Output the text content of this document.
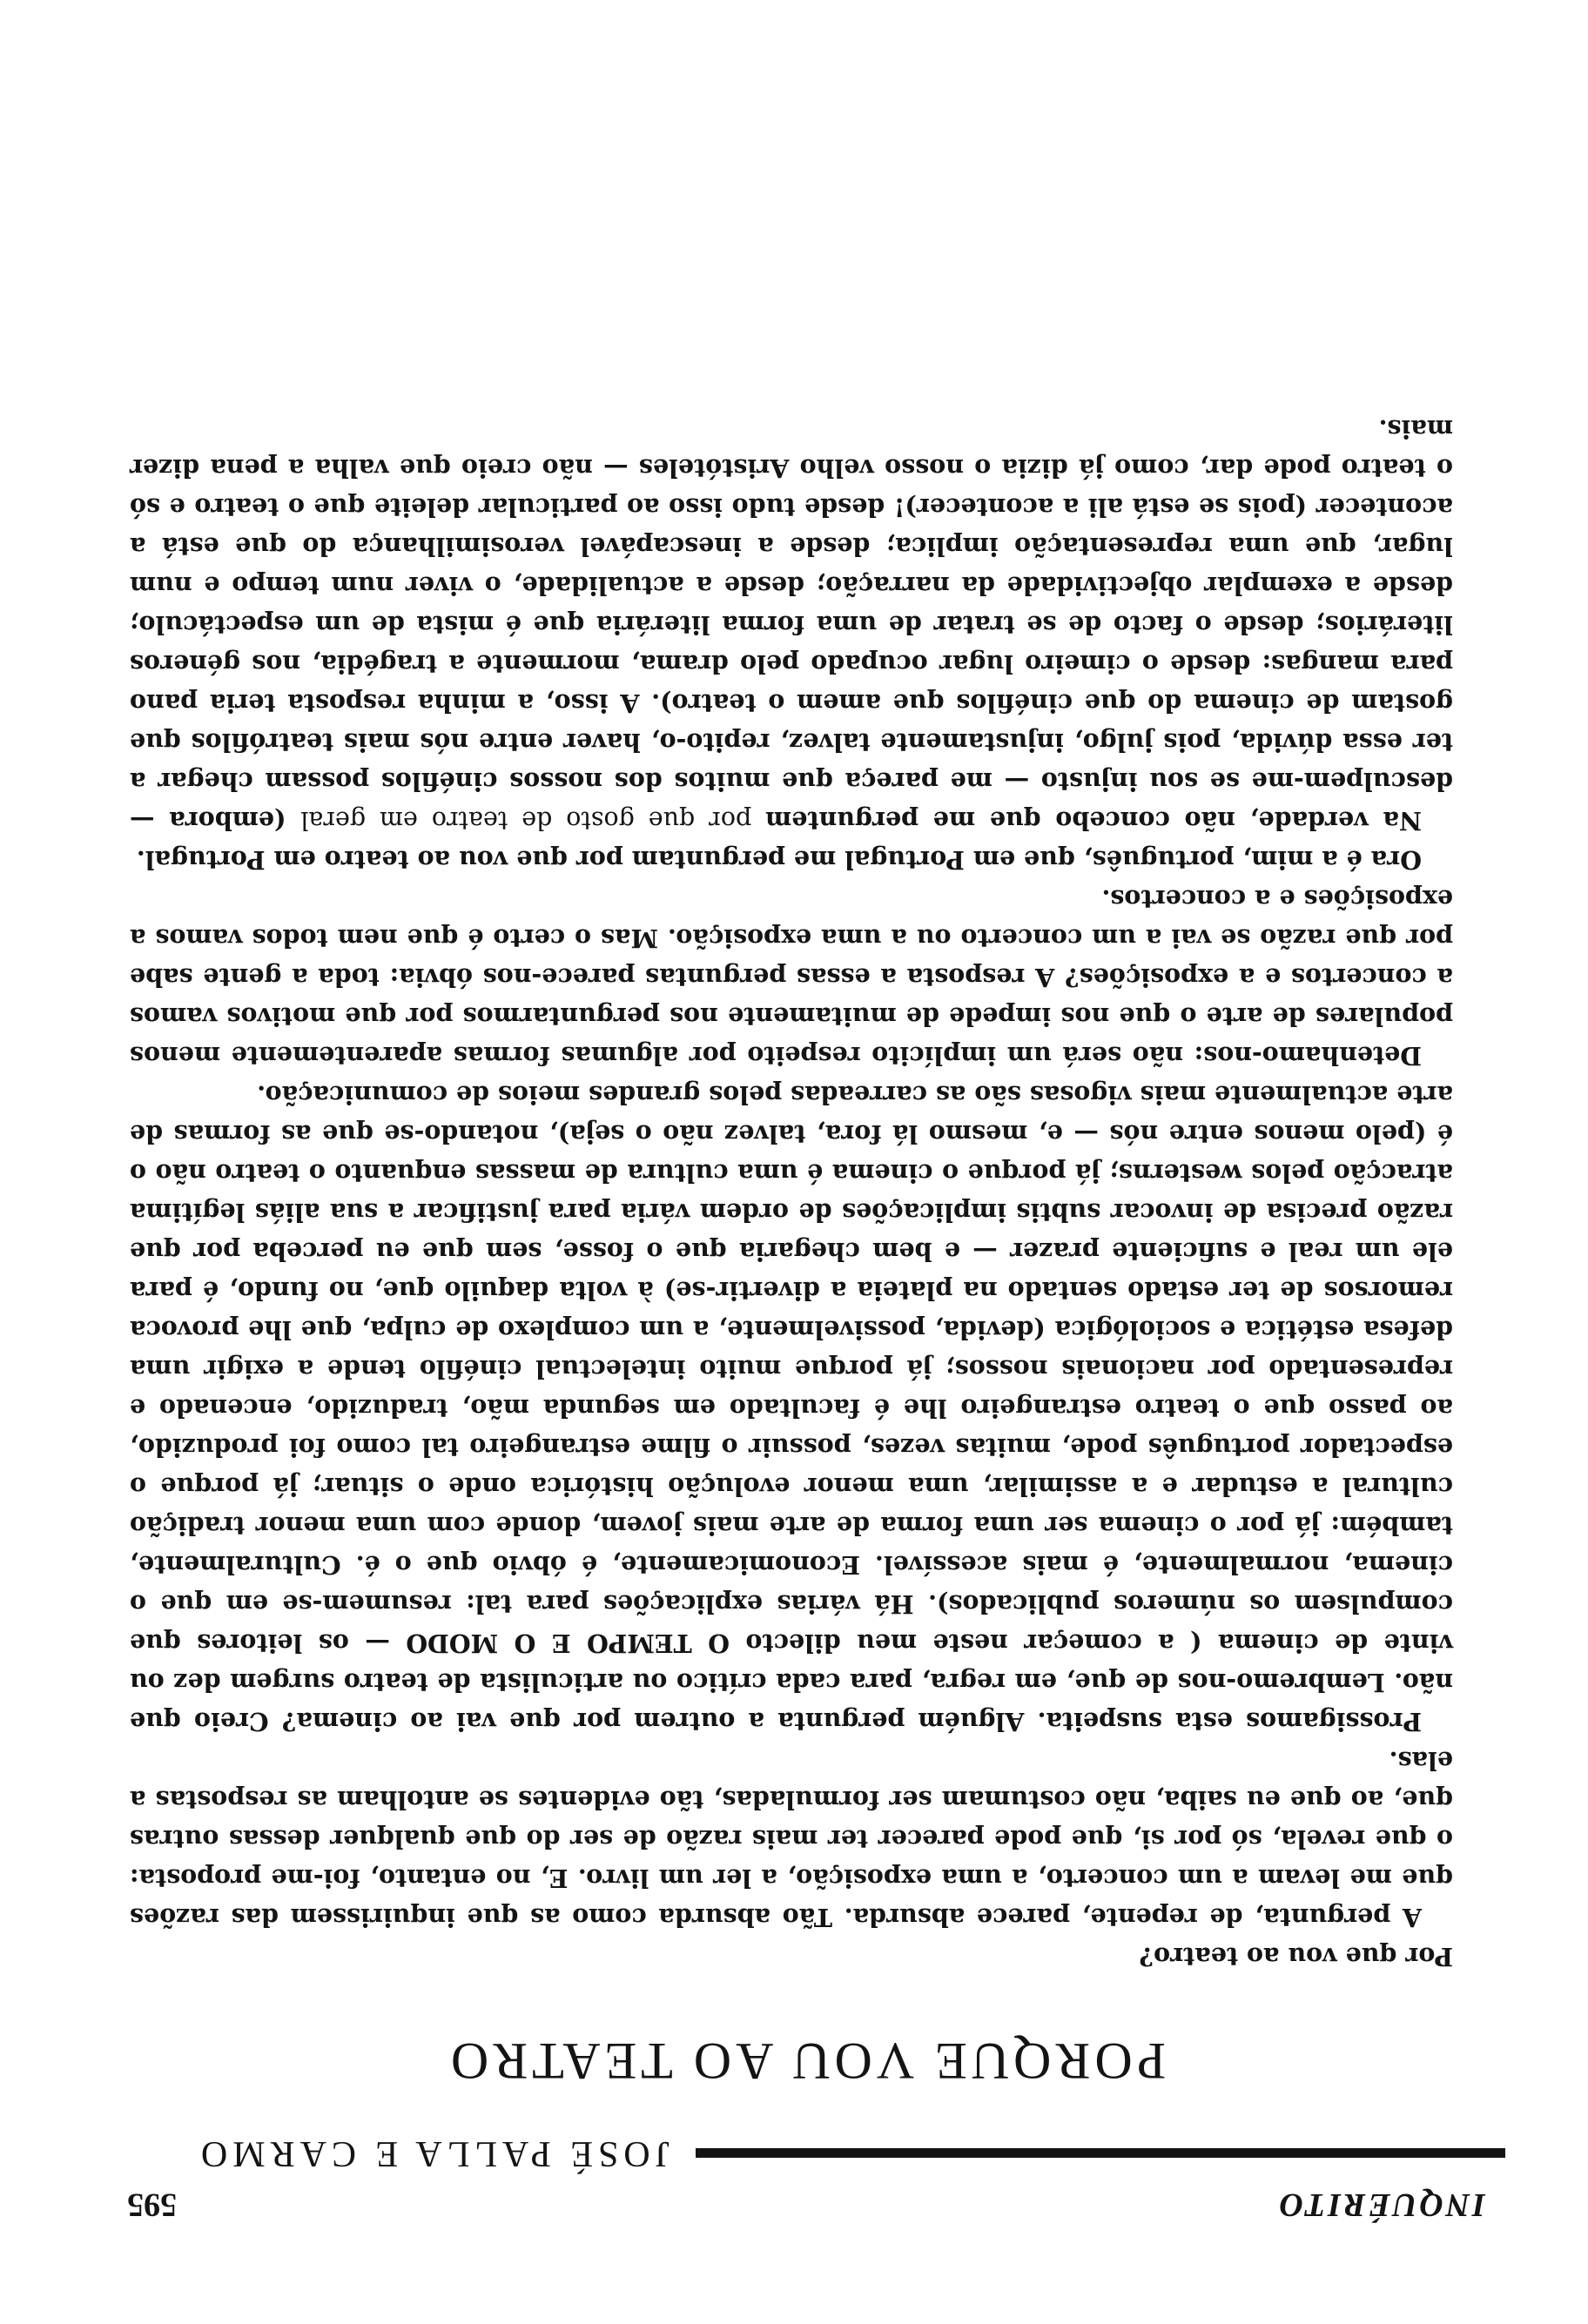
INQUÉRITO
595
JOSÉ PALLA E CARMO
PORQUE VOU AO TEATRO

Por que vou ao teatro?

A pergunta, de repente, parece absurda. Tão absurda como as que inquirissem das razões que me levam a um concerto, a uma exposição, a ler um livro. E, no entanto, foi-me proposta: o que revela, só por si, que pode parecer ter mais razão de ser do que qualquer dessas outras que, ao que eu saiba, não costumam ser formuladas, tão evidentes se antolham as respostas a elas.

Prossigamos esta suspeita. Alguém pergunta a outrem por que vai ao cinema? Creio que não. Lembremo-nos de que, em regra, para cada crítico ou articulista de teatro surgem dez ou vinte de cinema ( a começar neste meu dilecto O TEMPO E O MODO — os leitores que compulsem os números publicados). Há várias explicações para tal: resumem-se em que o cinema, normalmente, é mais acessível. Economicamente, é óbvio que o é. Culturalmente, também: já por o cinema ser uma forma de arte mais jovem, donde com uma menor tradição cultural a estudar e a assimilar, uma menor evolução histórica onde o situar; já porque o espectador português pode, muitas vezes, possuir o filme estrangeiro tal como foi produzido, ao passo que o teatro estrangeiro lhe é facultado em segunda mão, traduzido, encenado e representado por nacionais nossos; já porque muito intelectual cinéfilo tende a exigir uma defesa estética e sociológica (devida, possivelmente, a um complexo de culpa, que lhe provoca remorsos de ter estado sentado na plateia a divertir-se) à volta daquilo que, no fundo, é para ele um real e suficiente prazer — e bem chegaria que o fosse, sem que eu perceba por que razão precisa de invocar subtis implicações de ordem vária para justificar a sua aliás legítima atracção pelos westerns; já porque o cinema é uma cultura de massas enquanto o teatro não o é (pelo menos entre nós — e, mesmo lá fora, talvez não o seja), notando-se que as formas de arte actualmente mais vigosas são as carreadas pelos grandes meios de comunicação.

Detenhamo-nos: não será um implícito respeito por algumas formas aparentemente menos populares de arte o que nos impede de muitamente nos perguntarmos por que motivos vamos a concertos e a exposições? A resposta a essas perguntas parece-nos óbvia: toda a gente sabe por que razão se vai a um concerto ou a uma exposição. Mas o certo é que nem todos vamos a exposições e a concertos.

Ora é a mim, português, que em Portugal me perguntam por que vou ao teatro em Portugal.

Na verdade, não concebo que me perguntem por que gosto de teatro em geral (embora — desculpem-me se sou injusto — me pareça que muitos dos nossos cinéfilos possam chegar a ter essa dúvida, pois julgo, injustamente talvez, repito-o, haver entre nós mais teatrófilos que gostam de cinema do que cinéfilos que amem o teatro). A isso, a minha resposta teria pano para mangas: desde o cimeiro lugar ocupado pelo drama, mormente a tragédia, nos géneros literários; desde o facto de se tratar de uma forma literária que é mista de um espectáculo; desde a exemplar objectividade da narração; desde a actualidade, o viver num tempo e num lugar, que uma representação implica; desde a inescapável verosimilhança do que está a acontecer (pois se está ali a acontecer)! desde tudo isso ao particular deleite que o teatro e só o teatro pode dar, como já dizia o nosso velho Aristóteles — não creio que valha a pena dizer mais.
